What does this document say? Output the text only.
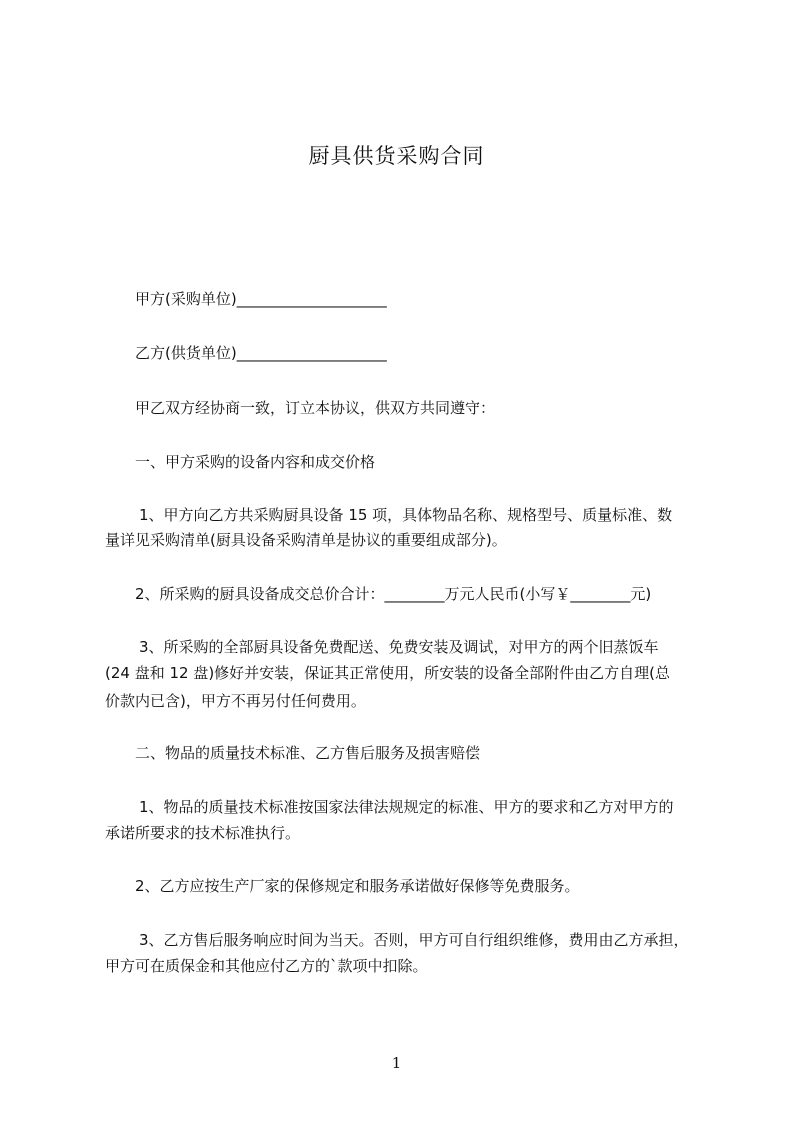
厨具供货采购合同
甲方(采购单位)____________________
乙方(供货单位)____________________
甲乙双方经协商一致，订立本协议，供双方共同遵守：
一、甲方采购的设备内容和成交价格
1、甲方向乙方共采购厨具设备 15 项，具体物品名称、规格型号、质量标准、数
量详见采购清单(厨具设备采购清单是协议的重要组成部分)。
2、所采购的厨具设备成交总价合计：________万元人民币(小写￥________元)
3、所采购的全部厨具设备免费配送、免费安装及调试，对甲方的两个旧蒸饭车
(24 盘和 12 盘)修好并安装，保证其正常使用，所安装的设备全部附件由乙方自理(总
价款内已含)，甲方不再另付任何费用。
二、物品的质量技术标准、乙方售后服务及损害赔偿
1、物品的质量技术标准按国家法律法规规定的标准、甲方的要求和乙方对甲方的
承诺所要求的技术标准执行。
2、乙方应按生产厂家的保修规定和服务承诺做好保修等免费服务。
3、乙方售后服务响应时间为当天。否则，甲方可自行组织维修，费用由乙方承担，
甲方可在质保金和其他应付乙方的`款项中扣除。
1
